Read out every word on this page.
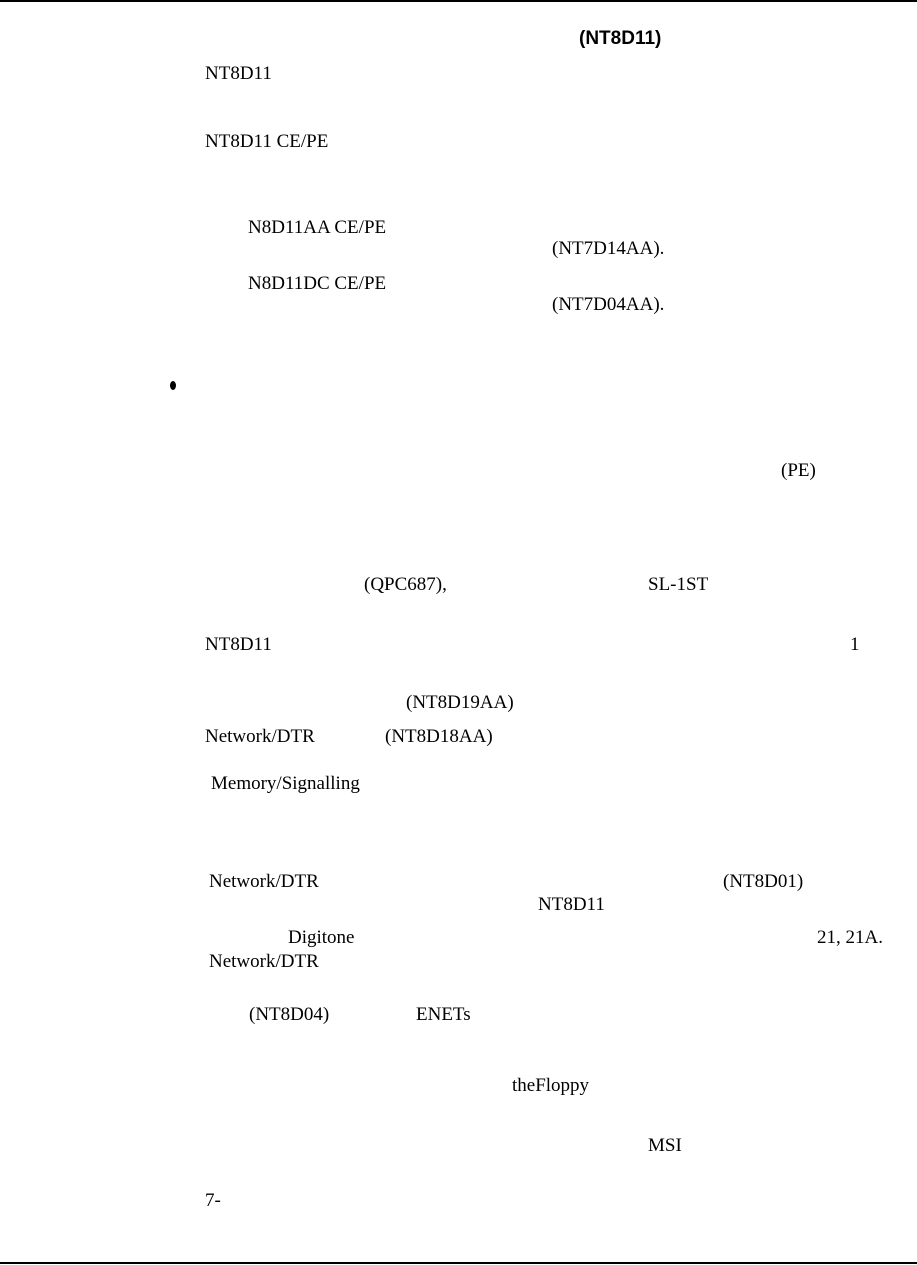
(NT8D11)
NT8D11
NT8D11 CE/PE
N8D11AA CE/PE
(NT7D14AA).
N8D11DC CE/PE
(NT7D04AA).
(PE)
(QPC687),	SL-1ST
NT8D11	1
(NT8D19AA)
Network/DTR	(NT8D18AA)
Memory/Signalling
Network/DTR	(NT8D01)
NT8D11
Digitone	21, 21A.
Network/DTR
(NT8D04)	ENETs
theFloppy
MSI
7-
